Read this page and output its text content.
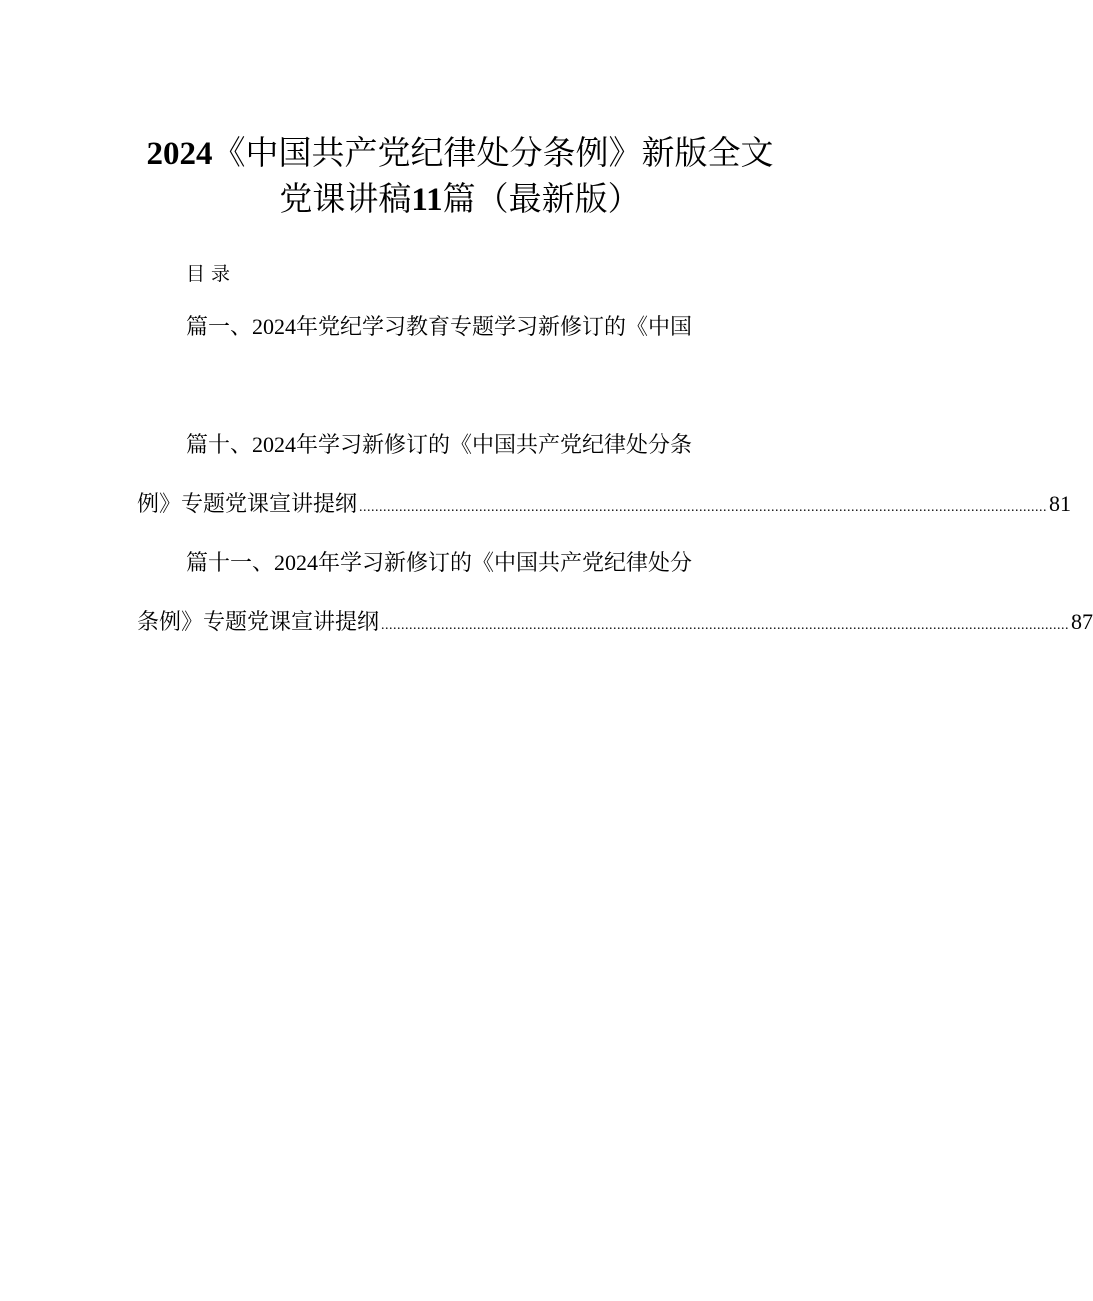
2024《中国共产党纪律处分条例》新版全文
党课讲稿11篇（最新版）
目录
篇一、2024年党纪学习教育专题学习新修订的《中国
篇十、2024年学习新修订的《中国共产党纪律处分条
例》专题党课宣讲提纲 ............................................................................................................................................................................ 81
篇十一、2024年学习新修订的《中国共产党纪律处分
条例》专题党课宣讲提纲 ............................................................................................................................................................................ 87
